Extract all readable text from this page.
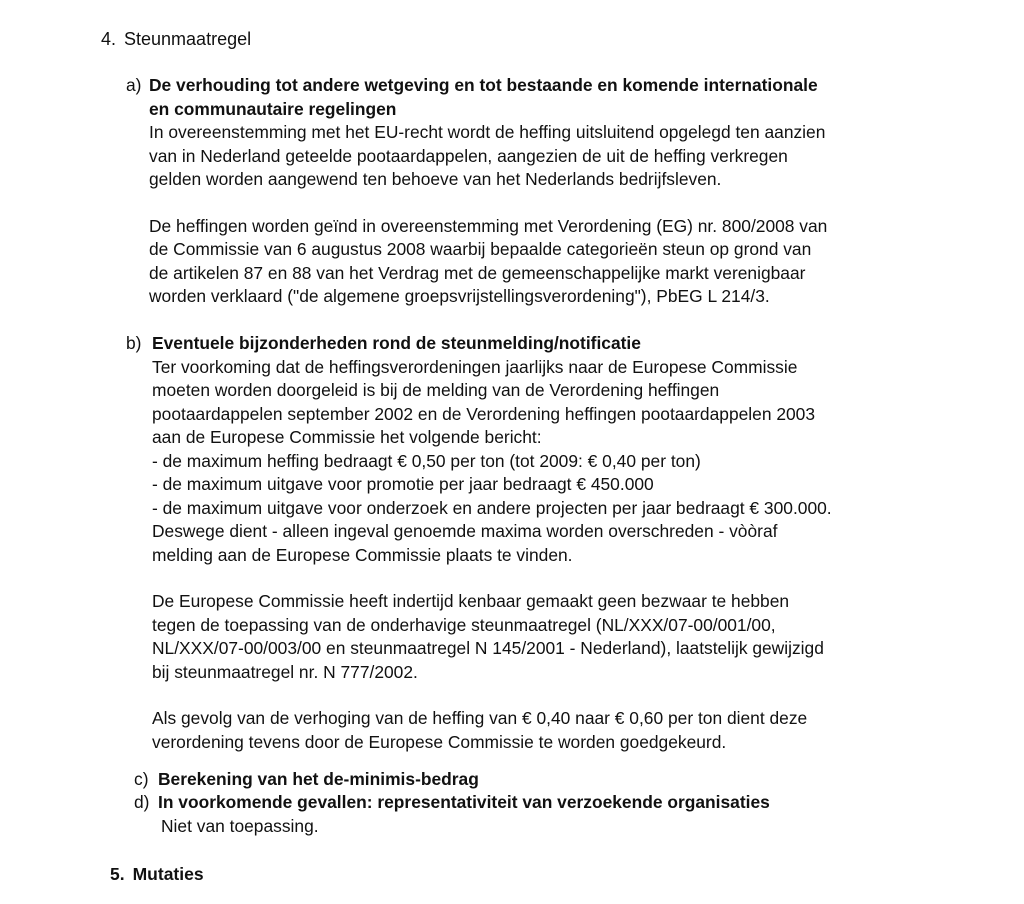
4. Steunmaatregel
a) De verhouding tot andere wetgeving en tot bestaande en komende internationale
en communautaire regelingen
In overeenstemming met het EU-recht wordt de heffing uitsluitend opgelegd ten aanzien
van in Nederland geteelde pootaardappelen, aangezien de uit de heffing verkregen
gelden worden aangewend ten behoeve van het Nederlands bedrijfsleven.
De heffingen worden geïnd in overeenstemming met Verordening (EG) nr. 800/2008 van
de Commissie van 6 augustus 2008 waarbij bepaalde categorieën steun op grond van
de artikelen 87 en 88 van het Verdrag met de gemeenschappelijke markt verenigbaar
worden verklaard ("de algemene groepsvrijstellingsverordening"), PbEG L 214/3.
b) Eventuele bijzonderheden rond de steunmelding/notificatie
Ter voorkoming dat de heffingsverordeningen jaarlijks naar de Europese Commissie
moeten worden doorgeleid is bij de melding van de Verordening heffingen
pootaardappelen september 2002 en de Verordening heffingen pootaardappelen 2003
aan de Europese Commissie het volgende bericht:
- de maximum heffing bedraagt € 0,50 per ton (tot 2009: € 0,40 per ton)
- de maximum uitgave voor promotie per jaar bedraagt € 450.000
- de maximum uitgave voor onderzoek en andere projecten per jaar bedraagt € 300.000.
Deswege dient - alleen ingeval genoemde maxima worden overschreden - vòòraf
melding aan de Europese Commissie plaats te vinden.
De Europese Commissie heeft indertijd kenbaar gemaakt geen bezwaar te hebben
tegen de toepassing van de onderhavige steunmaatregel (NL/XXX/07-00/001/00,
NL/XXX/07-00/003/00 en steunmaatregel N 145/2001 - Nederland), laatstelijk gewijzigd
bij steunmaatregel nr. N 777/2002.
Als gevolg van de verhoging van de heffing van € 0,40 naar € 0,60 per ton dient deze
verordening tevens door de Europese Commissie te worden goedgekeurd.
c) Berekening van het de-minimis-bedrag
d) In voorkomende gevallen: representativiteit van verzoekende organisaties
Niet van toepassing.
5. Mutaties
